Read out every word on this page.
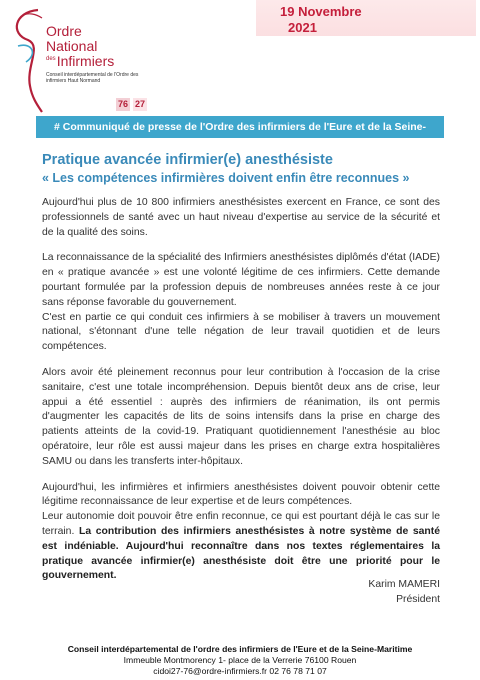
Ordre
National
$^{des}$Infirmiers
Conseil interdépartemental de l'Ordre des infirmiers Haut Normand
76 27
19 Novembre
2021
# Communiqué de presse de l'Ordre des infirmiers de l'Eure et de la Seine-Maritime
Pratique avancée infirmier(e) anesthésiste
« Les compétences infirmières doivent enfin être reconnues »

Aujourd'hui plus de 10 800 infirmiers anesthésistes exercent en France, ce sont des professionnels de santé avec un haut niveau d'expertise au service de la sécurité et de la qualité des soins.

La reconnaissance de la spécialité des Infirmiers anesthésistes diplômés d'état (IADE) en « pratique avancée » est une volonté légitime de ces infirmiers. Cette demande pourtant formulée par la profession depuis de nombreuses années reste à ce jour sans réponse favorable du gouvernement.

C'est en partie ce qui conduit ces infirmiers à se mobiliser à travers un mouvement national, s'étonnant d'une telle négation de leur travail quotidien et de leurs compétences.

Alors avoir été pleinement reconnus pour leur contribution à l'occasion de la crise sanitaire, c'est une totale incompréhension. Depuis bientôt deux ans de crise, leur appui a été essentiel : auprès des infirmiers de réanimation, ils ont permis d'augmenter les capacités de lits de soins intensifs dans la prise en charge des patients atteints de la covid-19. Pratiquant quotidiennement l'anesthésie au bloc opératoire, leur rôle est aussi majeur dans les prises en charge extra hospitalières SAMU ou dans les transferts inter-hôpitaux.

Aujourd'hui, les infirmières et infirmiers anesthésistes doivent pouvoir obtenir cette légitime reconnaissance de leur expertise et de leurs compétences.

Leur autonomie doit pouvoir être enfin reconnue, ce qui est pourtant déjà le cas sur le terrain. La contribution des infirmiers anesthésistes à notre système de santé est indéniable. Aujourd'hui reconnaître dans nos textes réglementaires la pratique avancée infirmier(e) anesthésiste doit être une priorité pour le gouvernement.

Karim MAMERI
Président
Conseil interdépartemental de l'ordre des infirmiers de l'Eure et de la Seine-Maritime
Immeuble Montmorency 1- place de la Verrerie 76100 Rouen
cidoi27-76@ordre-infirmiers.fr 02 76 78 71 07
